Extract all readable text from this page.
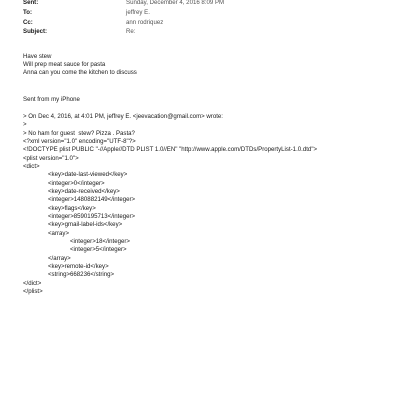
Sent:	Sunday, December 4, 2016 8:09 PM
To:	jeffrey E.
Cc:	ann rodriquez
Subject:	Re:
Have stew
Will prep meat sauce for pasta
Anna can you come the kitchen to discuss
Sent from my iPhone
> On Dec 4, 2016, at 4:01 PM, jeffrey E. <jeevacation@gmail.com> wrote:
>
> No ham for guest  stew? Pizza . Pasta?
<?xml version="1.0" encoding="UTF-8"?>
<!DOCTYPE plist PUBLIC "-//Apple//DTD PLIST 1.0//EN" "http://www.apple.com/DTDs/PropertyList-1.0.dtd">
<plist version="1.0">
<dict>
<key>date-last-viewed</key>
<integer>0</integer>
<key>date-received</key>
<integer>1480882149</integer>
<key>flags</key>
<integer>8590195713</integer>
<key>gmail-label-ids</key>
<array>
<integer>18</integer>
<integer>5</integer>
</array>
<key>remote-id</key>
<string>668236</string>
</dict>
</plist>
